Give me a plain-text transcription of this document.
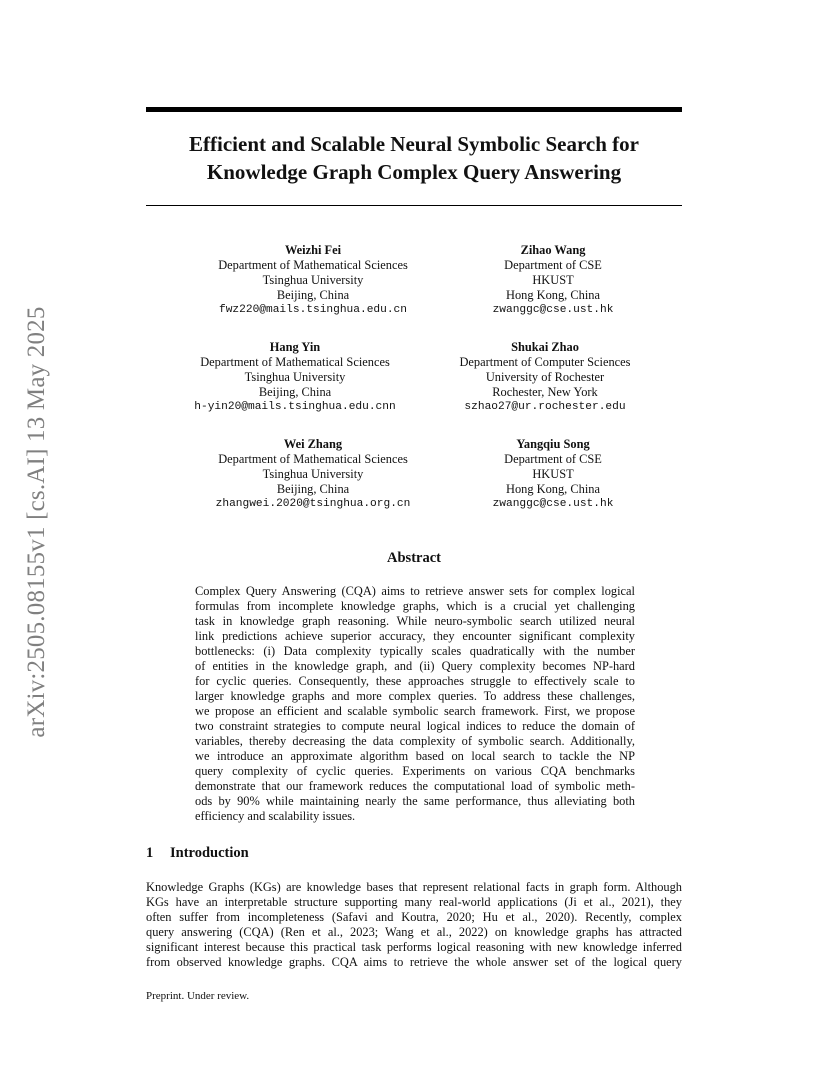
Efficient and Scalable Neural Symbolic Search for
Knowledge Graph Complex Query Answering
arXiv:2505.08155v1 [cs.AI] 13 May 2025
Weizhi Fei
Department of Mathematical Sciences
Tsinghua University
Beijing, China
fwz220@mails.tsinghua.edu.cn
Zihao Wang
Department of CSE
HKUST
Hong Kong, China
zwanggc@cse.ust.hk
Hang Yin
Department of Mathematical Sciences
Tsinghua University
Beijing, China
h-yin20@mails.tsinghua.edu.cnn
Shukai Zhao
Department of Computer Sciences
University of Rochester
Rochester, New York
szhao27@ur.rochester.edu
Wei Zhang
Department of Mathematical Sciences
Tsinghua University
Beijing, China
zhangwei.2020@tsinghua.org.cn
Yangqiu Song
Department of CSE
HKUST
Hong Kong, China
zwanggc@cse.ust.hk
Abstract
Complex Query Answering (CQA) aims to retrieve answer sets for complex logical
formulas from incomplete knowledge graphs, which is a crucial yet challenging
task in knowledge graph reasoning. While neuro-symbolic search utilized neural
link predictions achieve superior accuracy, they encounter significant complexity
bottlenecks: (i) Data complexity typically scales quadratically with the number
of entities in the knowledge graph, and (ii) Query complexity becomes NP-hard
for cyclic queries. Consequently, these approaches struggle to effectively scale to
larger knowledge graphs and more complex queries. To address these challenges,
we propose an efficient and scalable symbolic search framework. First, we propose
two constraint strategies to compute neural logical indices to reduce the domain of
variables, thereby decreasing the data complexity of symbolic search. Additionally,
we introduce an approximate algorithm based on local search to tackle the NP
query complexity of cyclic queries. Experiments on various CQA benchmarks
demonstrate that our framework reduces the computational load of symbolic meth-
ods by 90% while maintaining nearly the same performance, thus alleviating both
efficiency and scalability issues.
1 Introduction
Knowledge Graphs (KGs) are knowledge bases that represent relational facts in graph form. Although
KGs have an interpretable structure supporting many real-world applications (Ji et al., 2021), they
often suffer from incompleteness (Safavi and Koutra, 2020; Hu et al., 2020). Recently, complex
query answering (CQA) (Ren et al., 2023; Wang et al., 2022) on knowledge graphs has attracted
significant interest because this practical task performs logical reasoning with new knowledge inferred
from observed knowledge graphs. CQA aims to retrieve the whole answer set of the logical query
Preprint. Under review.
